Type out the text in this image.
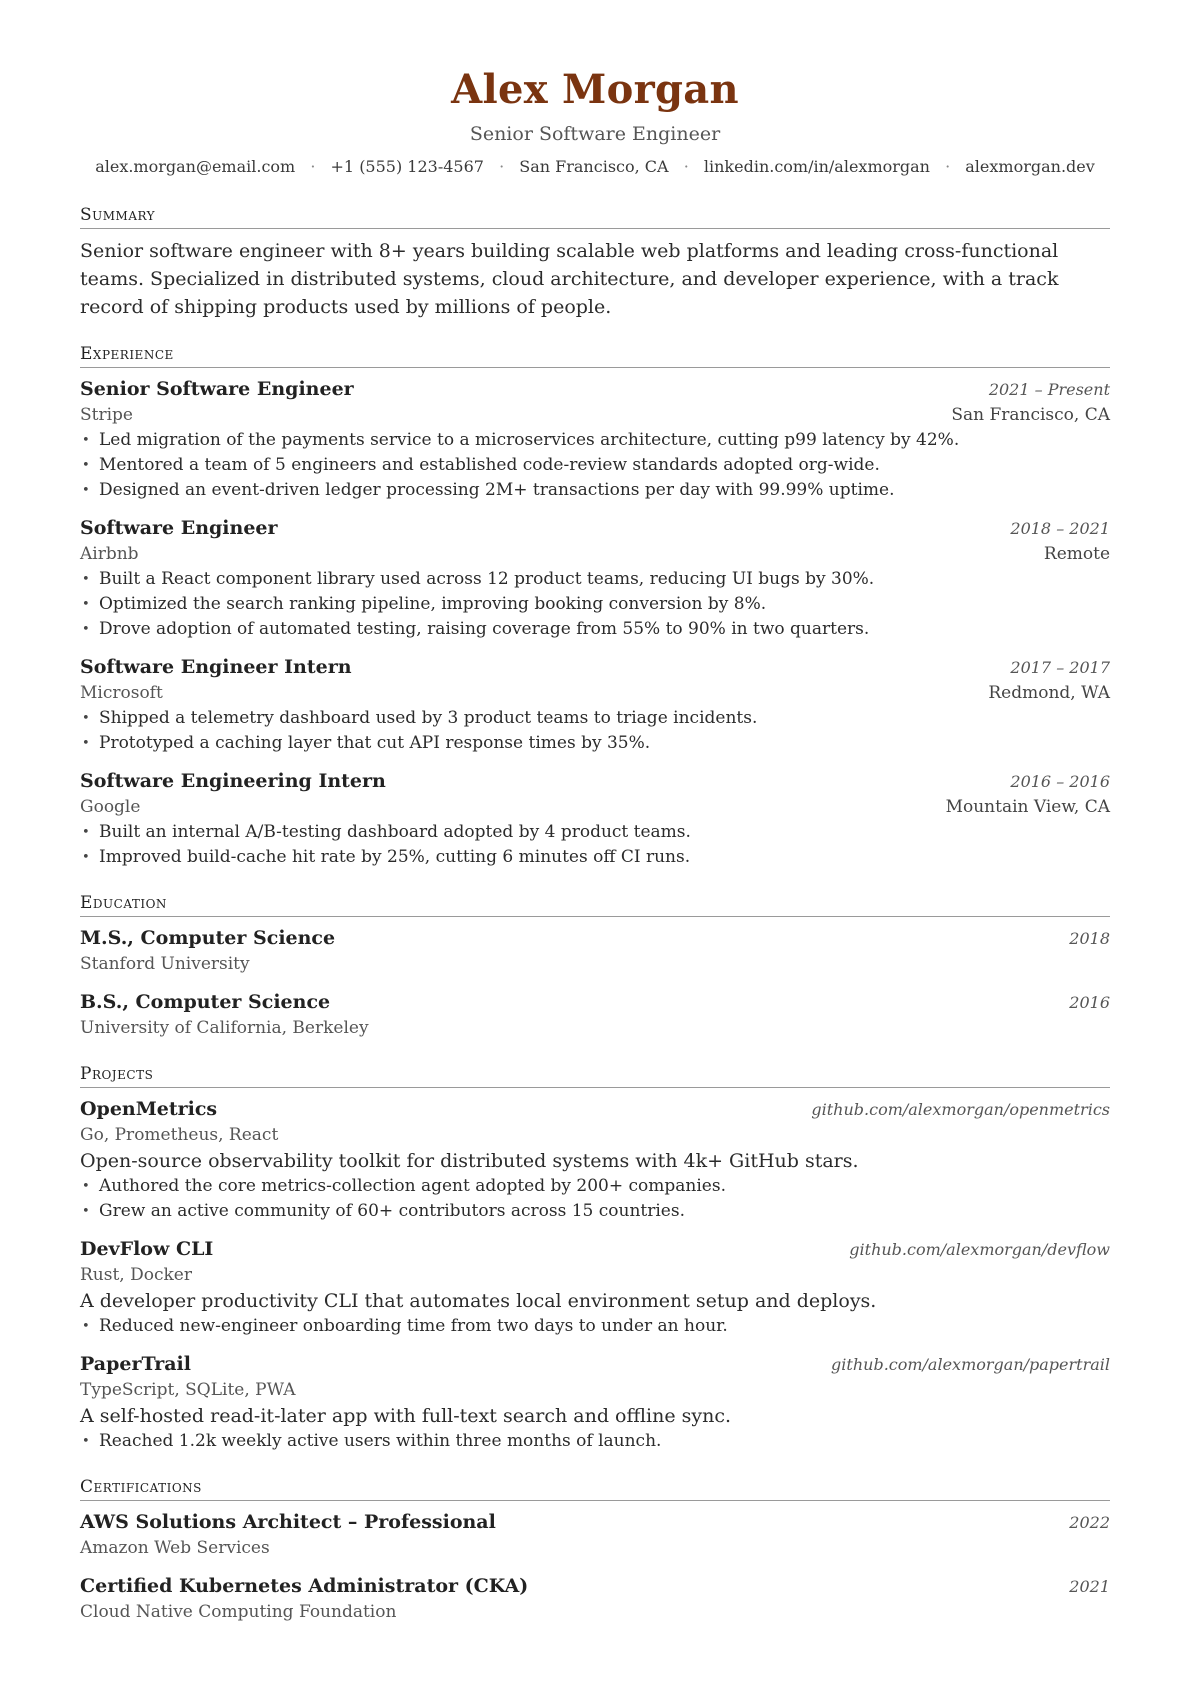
Alex Morgan
Senior Software Engineer
alex.morgan@email.com · +1 (555) 123-4567 · San Francisco, CA · linkedin.com/in/alexmorgan · alexmorgan.dev
Summary

Senior software engineer with 8+ years building scalable web platforms and leading cross-functional teams. Specialized in distributed systems, cloud architecture, and developer experience, with a track record of shipping products used by millions of people.

Experience
Senior Software Engineer	2021 – Present
Stripe	San Francisco, CA
• Led migration of the payments service to a microservices architecture, cutting p99 latency by 42%.
• Mentored a team of 5 engineers and established code-review standards adopted org-wide.
• Designed an event-driven ledger processing 2M+ transactions per day with 99.99% uptime.
Software Engineer	2018 – 2021
Airbnb	Remote
• Built a React component library used across 12 product teams, reducing UI bugs by 30%.
• Optimized the search ranking pipeline, improving booking conversion by 8%.
• Drove adoption of automated testing, raising coverage from 55% to 90% in two quarters.
Software Engineer Intern	2017 – 2017
Microsoft	Redmond, WA
• Shipped a telemetry dashboard used by 3 product teams to triage incidents.
• Prototyped a caching layer that cut API response times by 35%.
Software Engineering Intern	2016 – 2016
Google	Mountain View, CA
• Built an internal A/B-testing dashboard adopted by 4 product teams.
• Improved build-cache hit rate by 25%, cutting 6 minutes off CI runs.
Education
M.S., Computer Science	2018
Stanford University
B.S., Computer Science	2016
University of California, Berkeley
Projects
OpenMetrics	github.com/alexmorgan/openmetrics
Go, Prometheus, React
Open-source observability toolkit for distributed systems with 4k+ GitHub stars.
• Authored the core metrics-collection agent adopted by 200+ companies.
• Grew an active community of 60+ contributors across 15 countries.
DevFlow CLI	github.com/alexmorgan/devflow
Rust, Docker
A developer productivity CLI that automates local environment setup and deploys.
• Reduced new-engineer onboarding time from two days to under an hour.
PaperTrail	github.com/alexmorgan/papertrail
TypeScript, SQLite, PWA
A self-hosted read-it-later app with full-text search and offline sync.
• Reached 1.2k weekly active users within three months of launch.
Certifications
AWS Solutions Architect – Professional	2022
Amazon Web Services
Certified Kubernetes Administrator (CKA)	2021
Cloud Native Computing Foundation
